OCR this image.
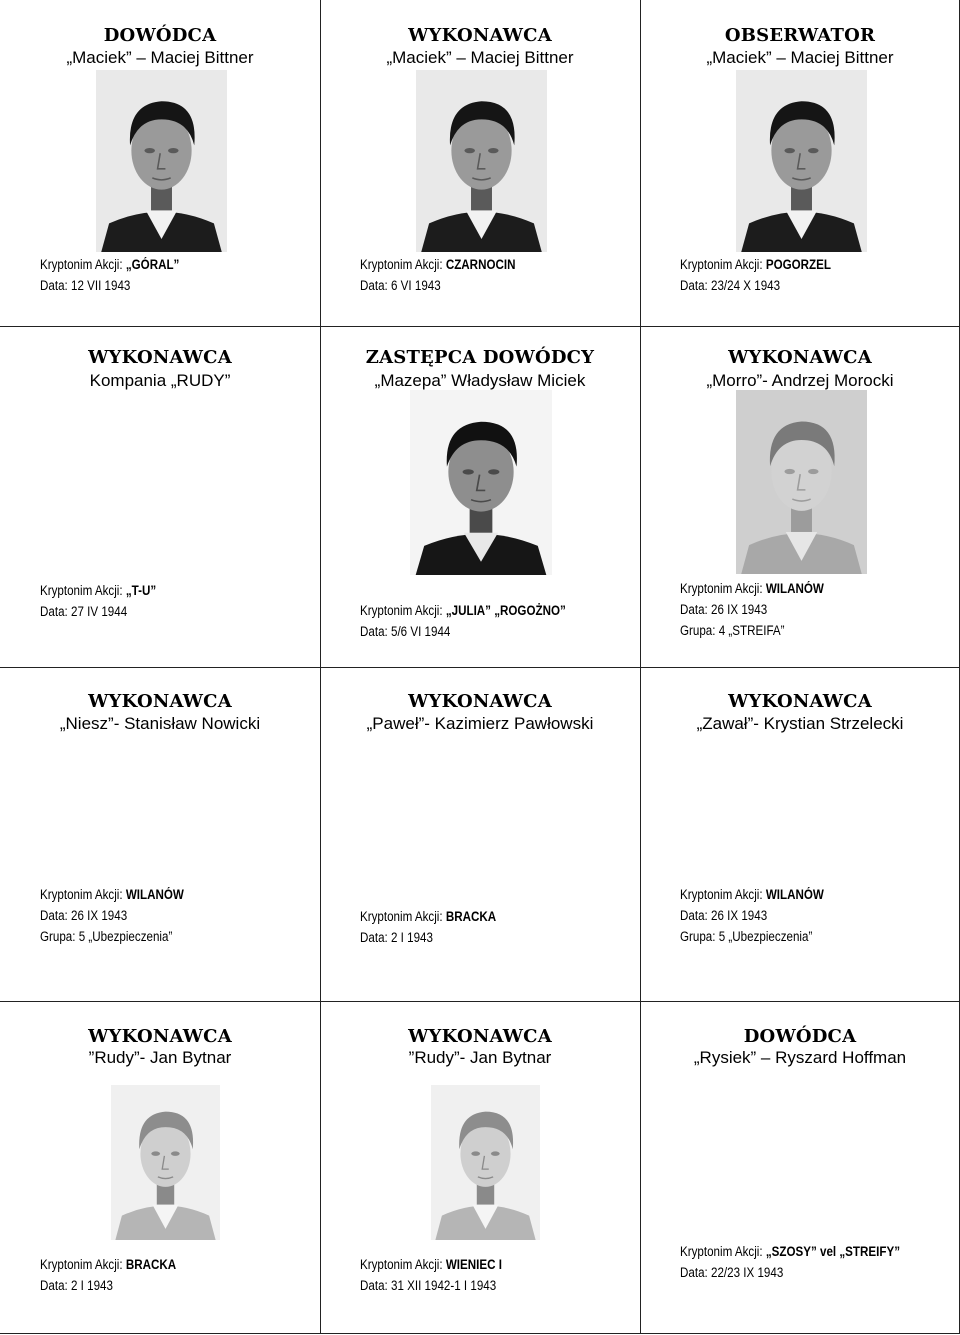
DOWÓDCA
„Maciek” – Maciej Bittner
Kryptonim Akcji: „GÓRAL”
Data: 12 VII 1943
WYKONAWCA
„Maciek” – Maciej Bittner
Kryptonim Akcji: CZARNOCIN
Data: 6 VI 1943
OBSERWATOR
„Maciek” – Maciej Bittner
Kryptonim Akcji: POGORZEL
Data: 23/24 X 1943
WYKONAWCA
Kompania „RUDY”
Kryptonim Akcji: „T-U”
Data: 27 IV 1944
ZASTĘPCA DOWÓDCY
„Mazepa” Władysław Miciek
Kryptonim Akcji: „JULIA” „ROGOŻNO”
Data: 5/6 VI 1944
WYKONAWCA
„Morro”- Andrzej Morocki
Kryptonim Akcji: WILANÓW
Data: 26 IX 1943
Grupa: 4 „STREIFA”
WYKONAWCA
„Niesz”- Stanisław Nowicki
Kryptonim Akcji: WILANÓW
Data: 26 IX 1943
Grupa: 5 „Ubezpieczenia”
WYKONAWCA
„Paweł”- Kazimierz Pawłowski
Kryptonim Akcji: BRACKA
Data: 2 I 1943
WYKONAWCA
„Zawał”- Krystian Strzelecki
Kryptonim Akcji: WILANÓW
Data: 26 IX 1943
Grupa: 5 „Ubezpieczenia”
WYKONAWCA
”Rudy”- Jan Bytnar
Kryptonim Akcji: BRACKA
Data: 2 I 1943
WYKONAWCA
”Rudy”- Jan Bytnar
Kryptonim Akcji: WIENIEC I
Data: 31 XII 1942-1 I 1943
DOWÓDCA
„Rysiek” – Ryszard Hoffman
Kryptonim Akcji: „SZOSY” vel „STREIFY”
Data: 22/23 IX 1943
